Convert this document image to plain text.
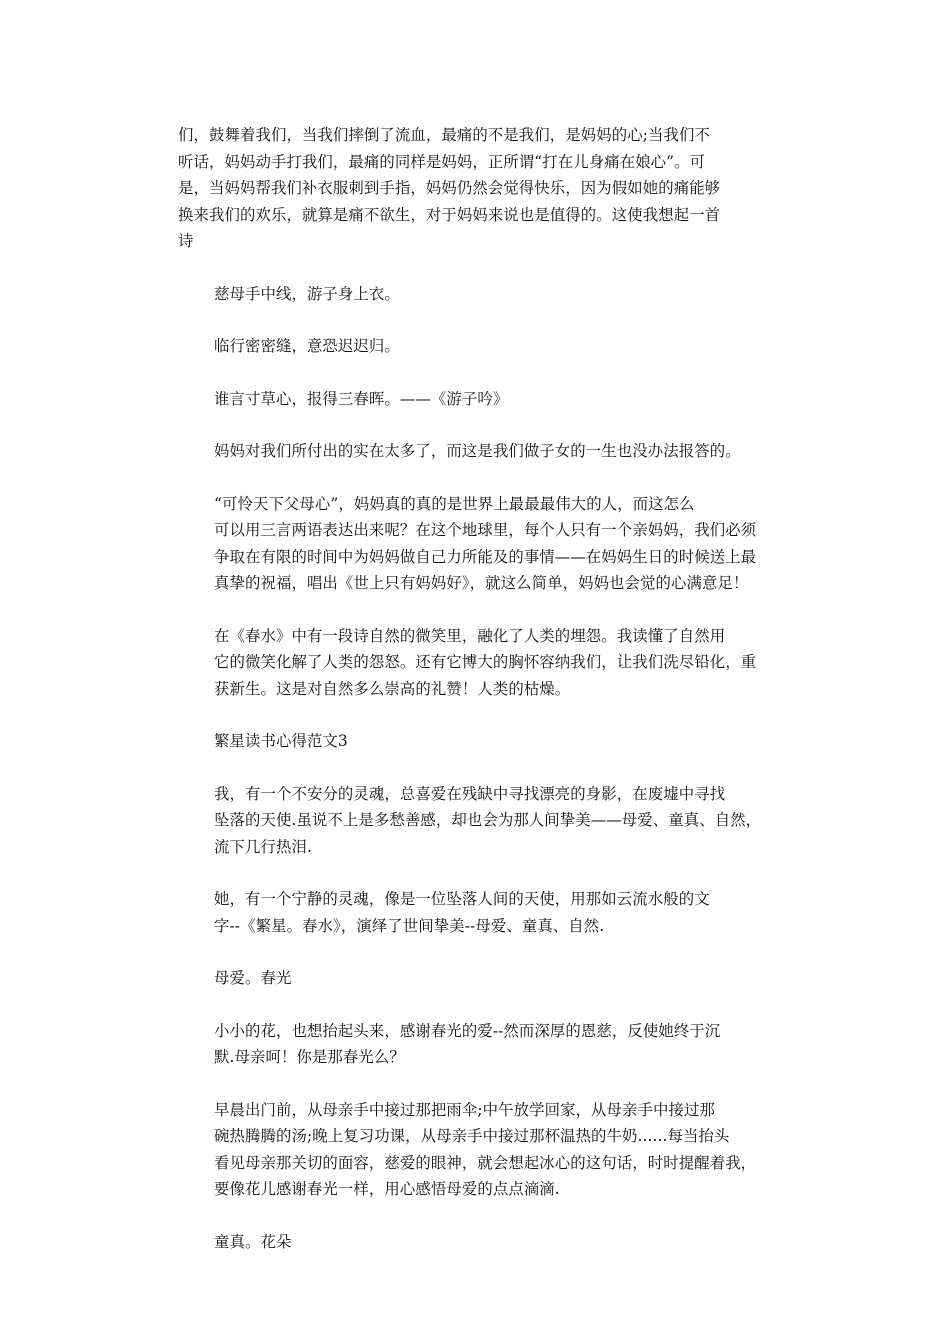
们，鼓舞着我们，当我们摔倒了流血，最痛的不是我们，是妈妈的心;当我们不
听话，妈妈动手打我们，最痛的同样是妈妈，正所谓“打在儿身痛在娘心”。可
是，当妈妈帮我们补衣服刺到手指，妈妈仍然会觉得快乐，因为假如她的痛能够
换来我们的欢乐，就算是痛不欲生，对于妈妈来说也是值得的。这使我想起一首
诗

慈母手中线，游子身上衣。

临行密密缝，意恐迟迟归。

谁言寸草心，报得三春晖。——《游子吟》

妈妈对我们所付出的实在太多了，而这是我们做子女的一生也没办法报答的。

“可怜天下父母心”，妈妈真的真的是世界上最最最伟大的人，而这怎么
可以用三言两语表达出来呢？在这个地球里，每个人只有一个亲妈妈，我们必须
争取在有限的时间中为妈妈做自己力所能及的事情——在妈妈生日的时候送上最
真挚的祝福，唱出《世上只有妈妈好》，就这么简单，妈妈也会觉的心满意足！

在《春水》中有一段诗自然的微笑里，融化了人类的埋怨。我读懂了自然用
它的微笑化解了人类的怨怒。还有它博大的胸怀容纳我们，让我们洗尽铅化，重
获新生。这是对自然多么崇高的礼赞！人类的枯燥。

繁星读书心得范文3

我，有一个不安分的灵魂，总喜爱在残缺中寻找漂亮的身影，在废墟中寻找
坠落的天使.虽说不上是多愁善感，却也会为那人间挚美——母爱、童真、自然，
流下几行热泪.

她，有一个宁静的灵魂，像是一位坠落人间的天使，用那如云流水般的文
字--《繁星。春水》，演绎了世间挚美--母爱、童真、自然.

母爱。春光

小小的花，也想抬起头来，感谢春光的爱--然而深厚的恩慈，反使她终于沉
默.母亲呵！你是那春光么？

早晨出门前，从母亲手中接过那把雨伞;中午放学回家，从母亲手中接过那
碗热腾腾的汤;晚上复习功课，从母亲手中接过那杯温热的牛奶......每当抬头
看见母亲那关切的面容，慈爱的眼神，就会想起冰心的这句话，时时提醒着我，
要像花儿感谢春光一样，用心感悟母爱的点点滴滴.

童真。花朵
